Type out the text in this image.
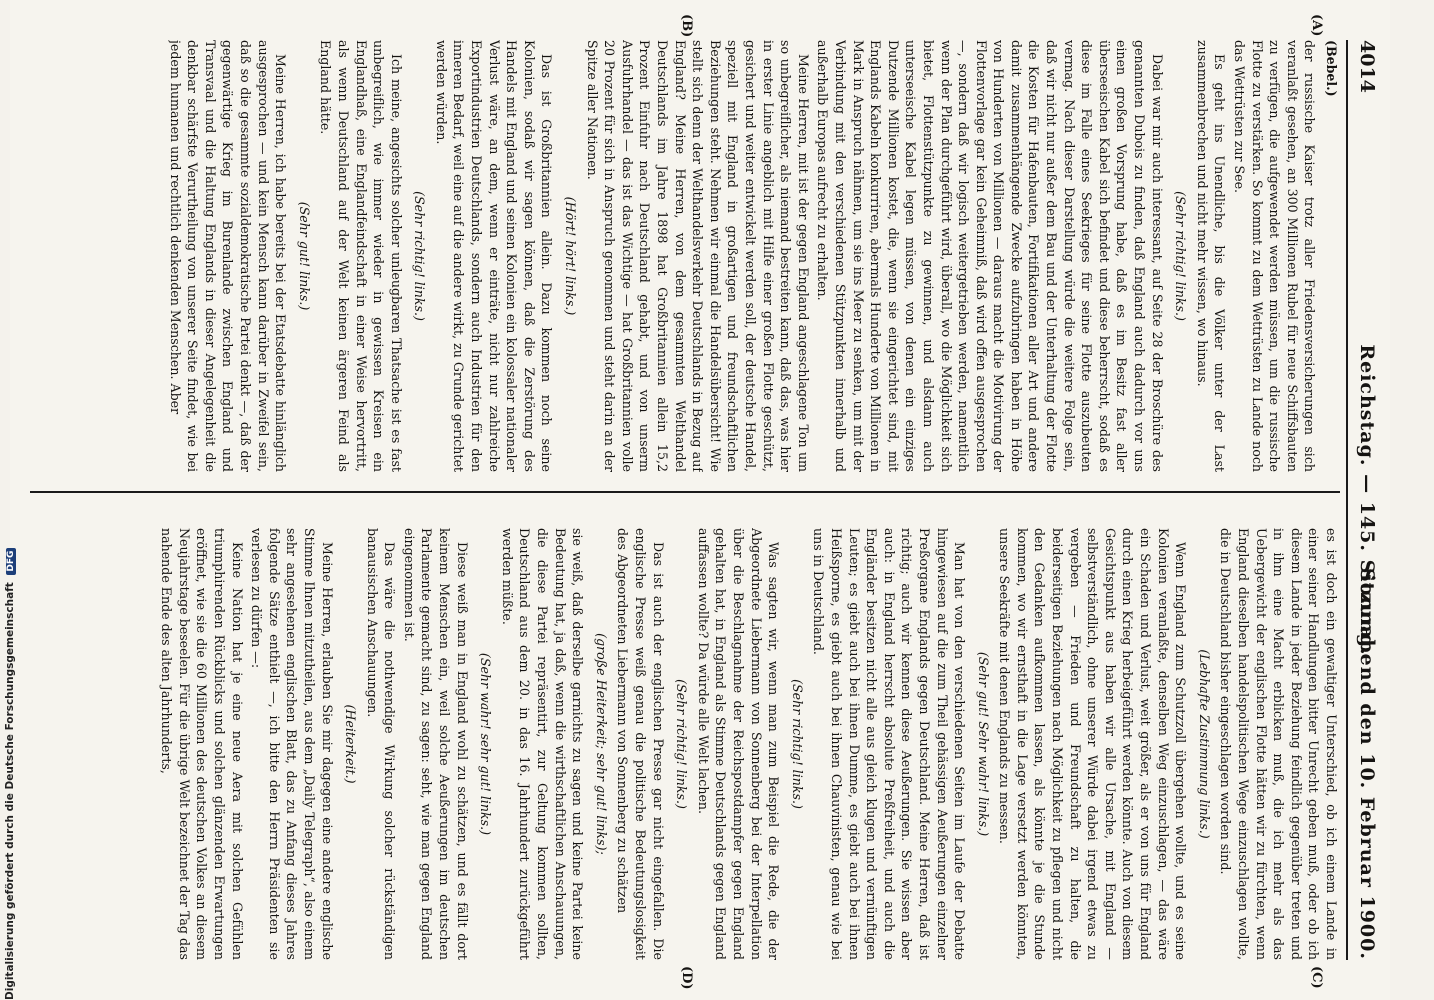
4014
Reichstag. — 145. Sitzung.
Sonnabend den 10. Februar 1900.
(A)
(B)
(C)
(D)

(Bebel.)

der russische Kaiser trotz aller Friedensversicherungen sich veranlaßt gesehen, an 300 Millionen Rubel für neue Schiffsbauten zu verfügen, die aufgewendet werden müssen, um die russische Flotte zu verstärken. So kommt zu dem Wettrüsten zu Lande noch das Wettrüsten zur See.

Es geht ins Unendliche, bis die Völker unter der Last zusammenbrechen und nicht mehr wissen, wo hinaus.

(Sehr richtig! links.)

Dabei war mir auch interessant, auf Seite 28 der Broschüre des genannten Dubois zu finden, daß England auch dadurch vor uns einen großen Vorsprung habe, daß es im Besitz fast aller überseeischen Kabel sich befindet und diese beherrscht, sodaß es diese im Falle eines Seekrieges für seine Flotte auszubeuten vermag. Nach dieser Darstellung würde die weitere Folge sein, daß wir nicht nur außer dem Bau und der Unterhaltung der Flotte die Kosten für Hafenbauten, Fortifikationen aller Art und andere damit zusammenhängende Zwecke aufzubringen haben in Höhe von Hunderten von Millionen — daraus macht die Motivirung der Flottenvorlage gar kein Geheimniß, daß wird offen ausgesprochen —, sondern daß wir logisch weitergetrieben werden, namentlich wenn der Plan durchgeführt wird, überall, wo die Möglichkeit sich bietet, Flottenstützpunkte zu gewinnen, und alsdann auch unterseeische Kabel legen müssen, von denen ein einziges Dutzende Millionen kostet, die, wenn sie eingerichtet sind, mit Englands Kabeln konkurriren, abermals Hunderte von Millionen in Mark in Anspruch nähmen, um sie ins Meer zu senken, um mit der Verbindung mit den verschiedenen Stützpunkten innerhalb und außerhalb Europas aufrecht zu erhalten.

Meine Herren, mit ist der gegen England angeschlagene Ton um so unbegreiflicher, als niemand bestreiten kann, daß das, was hier in erster Linie angeblich mit Hilfe einer großen Flotte geschützt, gesichert und weiter entwickelt werden soll, der deutsche Handel, speziell mit England in großartigen und freundschaftlichen Beziehungen steht. Nehmen wir einmal die Handelsübersicht! Wie stellt sich denn der Welthandelsverkehr Deutschlands in Bezug auf England? Meine Herren, von dem gesammten Welthandel Deutschlands im Jahre 1898 hat Großbritannien allein 15,2 Prozent Einfuhr nach Deutschland gehabt, und von unserm Ausfuhrhandel — das ist das Wichtige — hat Großbritannien volle 20 Prozent für sich in Anspruch genommen und steht darin an der Spitze aller Nationen.

(Hört! hört! links.)

Das ist Großbritannien allein. Dazu kommen noch seine Kolonien, sodaß wir sagen können, daß die Zerstörung des Handels mit England und seinen Kolonien ein kolossaler nationaler Verlust wäre, an dem, wenn er einträte, nicht nur zahlreiche Exportindustrien Deutschlands, sondern auch Industrien für den inneren Bedarf, weil eine auf die andere wirkt, zu Grunde gerichtet werden würden.

(Sehr richtig! links.)

Ich meine, angesichts solcher unleugbaren Thatsache ist es fast unbegreiflich, wie immer wieder in gewissen Kreisen ein Englandhaß, eine Englandfeindschaft in einer Weise hervortritt, als wenn Deutschland auf der Welt keinen ärgeren Feind als England hätte.

(Sehr gut! links.)

Meine Herren, ich habe bereits bei der Etatsdebatte hinlänglich ausgesprochen — und kein Mensch kann darüber in Zweifel sein, daß so die gesammte sozialdemokratische Partei denkt —, daß der gegenwärtige Krieg im Burenlande zwischen England und Transvaal und die Haltung Englands in dieser Angelegenheit die denkbar schärfste Verurtheilung von unserer Seite findet, wie bei jedem humanen und rechtlich denkenden Menschen. Aber

es ist doch ein gewaltiger Unterschied, ob ich einem Lande in einer seiner Handlungen bitter Unrecht geben muß, oder ob ich diesem Lande in jeder Beziehung feindlich gegenüber treten und in ihm eine Macht erblicken muß, die ich mehr als das Uebergewicht der englischen Flotte hätten wir zu fürchten, wenn England dieselben handelspolitischen Wege einzuschlagen wollte, die in Deutschland bisher eingeschlagen worden sind.

(Lebhafte Zustimmung links.)

Wenn England zum Schutzzoll übergehen wollte, und es seine Kolonien veranlaßte, denselben Weg einzuschlagen, — das wäre ein Schaden und Verlust, weit größer, als er von uns für England durch einen Krieg herbeigeführt werden könnte. Auch von diesem Gesichtspunkt aus haben wir alle Ursache, mit England — selbstverständlich, ohne unserer Würde dabei irgend etwas zu vergeben — Frieden und Freundschaft zu halten, die beiderseitigen Beziehungen nach Möglichkeit zu pflegen und nicht den Gedanken aufkommen lassen, als könnte je die Stunde kommen, wo wir ernsthaft in die Lage versetzt werden könnten, unsere Seekräfte mit denen Englands zu messen.

(Sehr gut! Sehr wahr! links.)

Man hat von den verschiedenen Seiten im Laufe der Debatte hingewiesen auf die zum Theil gehässigen Aeußerungen einzelner Preßorgane Englands gegen Deutschland. Meine Herren, daß ist richtig; auch wir kennen diese Aeußerungen. Sie wissen aber auch: in England herrscht absolute Preßfreiheit, und auch die Engländer besitzen nicht alle aus gleich klugen und vernünftigen Leuten; es giebt auch bei ihnen Dumme, es giebt auch bei ihnen Heißsporne, es giebt auch bei ihnen Chauvinisten, genau wie bei uns in Deutschland.

(Sehr richtig! links.)

Was sagten wir, wenn man zum Beispiel die Rede, die der Abgeordnete Liebermann von Sonnenberg bei der Interpellation über die Beschlagnahme der Reichspostdampfer gegen England gehalten hat, in England als Stimme Deutschlands gegen England auffassen wollte? Da würde alle Welt lachen.

(Sehr richtig! links.)

Das ist auch der englischen Presse gar nicht eingefallen. Die englische Presse weiß genau die politische Bedeutungslosigkeit des Abgeordneten Liebermann von Sonnenberg zu schätzen

(große Heiterkeit; sehr gut! links);

sie weiß, daß derselbe garnichts zu sagen und keine Partei keine Bedeutung hat, ja daß, wenn die wirthschaftlichen Anschauungen, die diese Partei repräsentirt, zur Geltung kommen sollten, Deutschland aus dem 20. in das 16. Jahrhundert zurückgeführt werden müßte.

(Sehr wahr! sehr gut! links.)

Diese weiß man in England wohl zu schätzen, und es fällt dort keinem Menschen ein, weil solche Aeußerungen im deutschen Parlamente gemacht sind, zu sagen: seht, wie man gegen England eingenommen ist.

Das wäre die nothwendige Wirkung solcher rückständigen banausischen Anschauungen.

(Heiterkeit.)

Meine Herren, erlauben Sie mir dagegen eine andere englische Stimme Ihnen mitzutheilen, aus dem „Daily Telegraph“, also einem sehr angesehenen englischen Blatt, das zu Anfang dieses Jahres folgende Sätze enthielt —, ich bitte den Herrn Präsidenten sie verlesen zu dürfen —:

Keine Nation hat je eine neue Aera mit solchen Gefühlen triumphirenden Rückblicks und solchen glänzenden Erwartungen eröffnet, wie sie die 60 Millionen des deutschen Volkes an diesem Neujahrstage beseelen. Für die übrige Welt bezeichnet der Tag das nahende Ende des alten Jahrhunderts,

Digitalisierung gefördert durch die Deutsche Forschungsgemeinschaft DFG
